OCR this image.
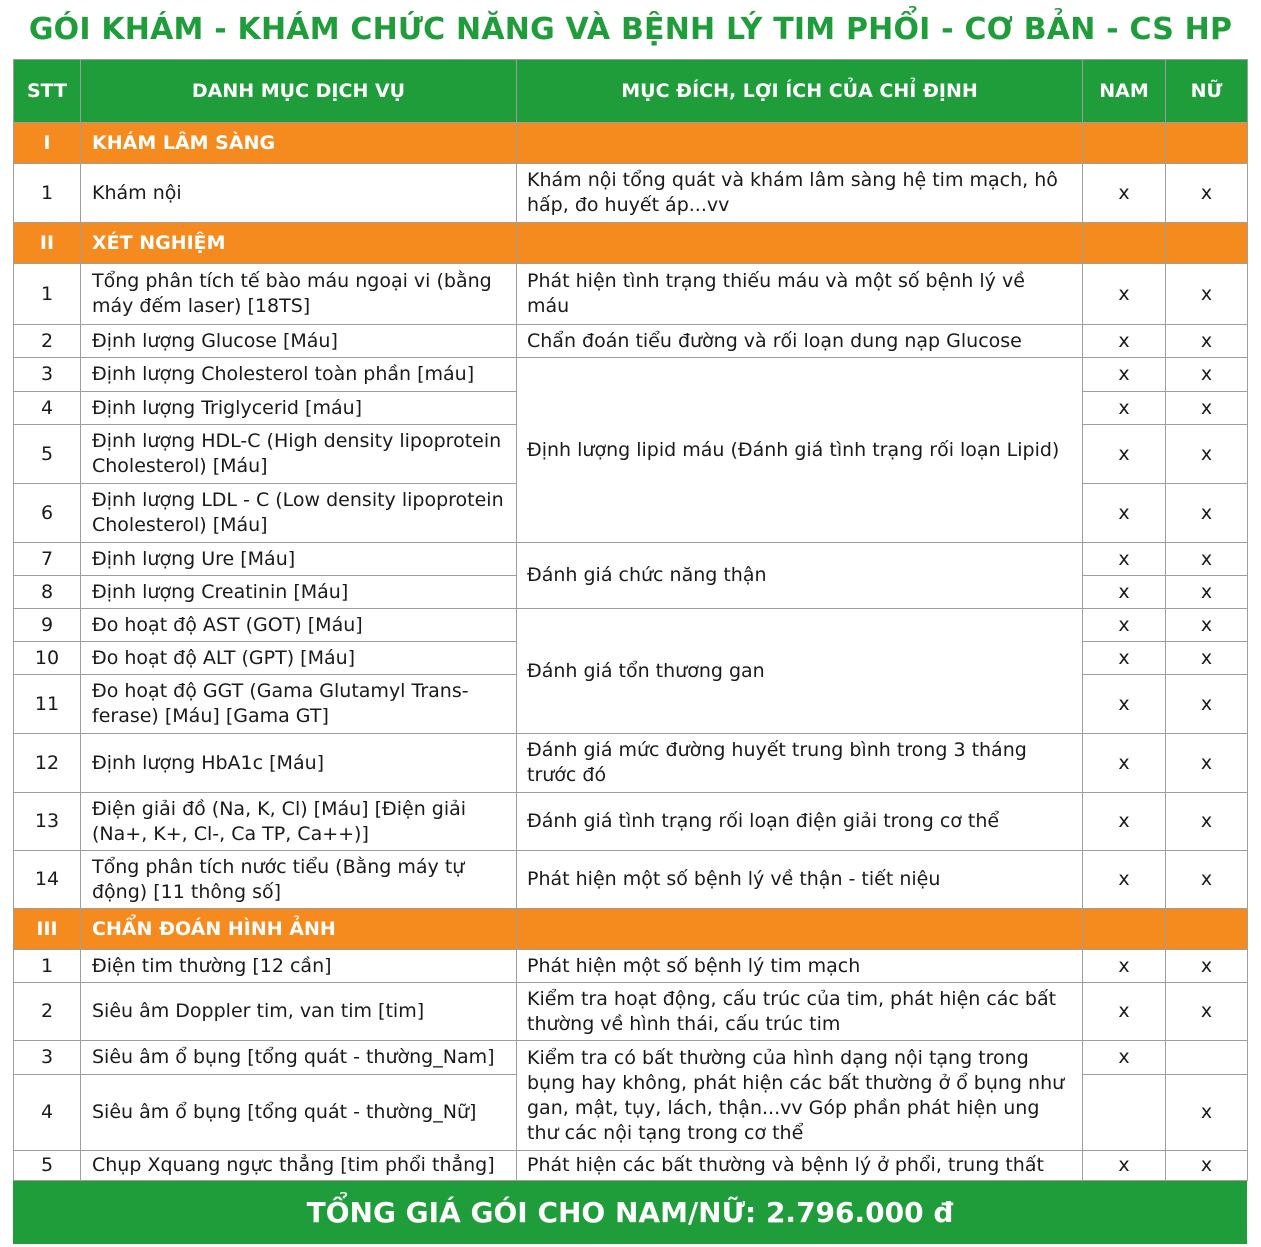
GÓI KHÁM - KHÁM CHỨC NĂNG VÀ BỆNH LÝ TIM PHỔI - CƠ BẢN - CS HP
STT	DANH MỤC DỊCH VỤ	MỤC ĐÍCH, LỢI ÍCH CỦA CHỈ ĐỊNH	NAM	NỮ
I	KHÁM LÂM SÀNG			
1	Khám nội	Khám nội tổng quát và khám lâm sàng hệ tim mạch, hô hấp, đo huyết áp...vv	x	x
II	XÉT NGHIỆM			
1	Tổng phân tích tế bào máu ngoại vi (bằng máy đếm laser) [18TS]	Phát hiện tình trạng thiếu máu và một số bệnh lý về máu	x	x
2	Định lượng Glucose [Máu]	Chẩn đoán tiểu đường và rối loạn dung nạp Glucose	x	x
3	Định lượng Cholesterol toàn phần [máu]	Định lượng lipid máu (Đánh giá tình trạng rối loạn Lipid)	x	x
4	Định lượng Triglycerid [máu]		x	x
5	Định lượng HDL-C (High density lipoprotein Cholesterol) [Máu]		x	x
6	Định lượng LDL - C (Low density lipoprotein Cholesterol) [Máu]		x	x
7	Định lượng Ure [Máu]	Đánh giá chức năng thận	x	x
8	Định lượng Creatinin [Máu]		x	x
9	Đo hoạt độ AST (GOT) [Máu]	Đánh giá tổn thương gan	x	x
10	Đo hoạt độ ALT (GPT) [Máu]		x	x
11	Đo hoạt độ GGT (Gama Glutamyl Trans-ferase) [Máu] [Gama GT]		x	x
12	Định lượng HbA1c [Máu]	Đánh giá mức đường huyết trung bình trong 3 tháng trước đó	x	x
13	Điện giải đồ (Na, K, Cl) [Máu] [Điện giải (Na+, K+, Cl-, Ca TP, Ca++)]	Đánh giá tình trạng rối loạn điện giải trong cơ thể	x	x
14	Tổng phân tích nước tiểu (Bằng máy tự động) [11 thông số]	Phát hiện một số bệnh lý về thận - tiết niệu	x	x
III	CHẨN ĐOÁN HÌNH ẢNH			
1	Điện tim thường [12 cần]	Phát hiện một số bệnh lý tim mạch	x	x
2	Siêu âm Doppler tim, van tim [tim]	Kiểm tra hoạt động, cấu trúc của tim, phát hiện các bất thường về hình thái, cấu trúc tim	x	x
3	Siêu âm ổ bụng [tổng quát - thường_Nam]	Kiểm tra có bất thường của hình dạng nội tạng trong bụng hay không, phát hiện các bất thường ở ổ bụng như gan, mật, tụy, lách, thận...vv Góp phần phát hiện ung thư các nội tạng trong cơ thể	x	
4	Siêu âm ổ bụng [tổng quát - thường_Nữ]			x
5	Chụp Xquang ngực thẳng [tim phổi thẳng]	Phát hiện các bất thường và bệnh lý ở phổi, trung thất	x	x
TỔNG GIÁ GÓI CHO NAM/NỮ: 2.796.000 đ
